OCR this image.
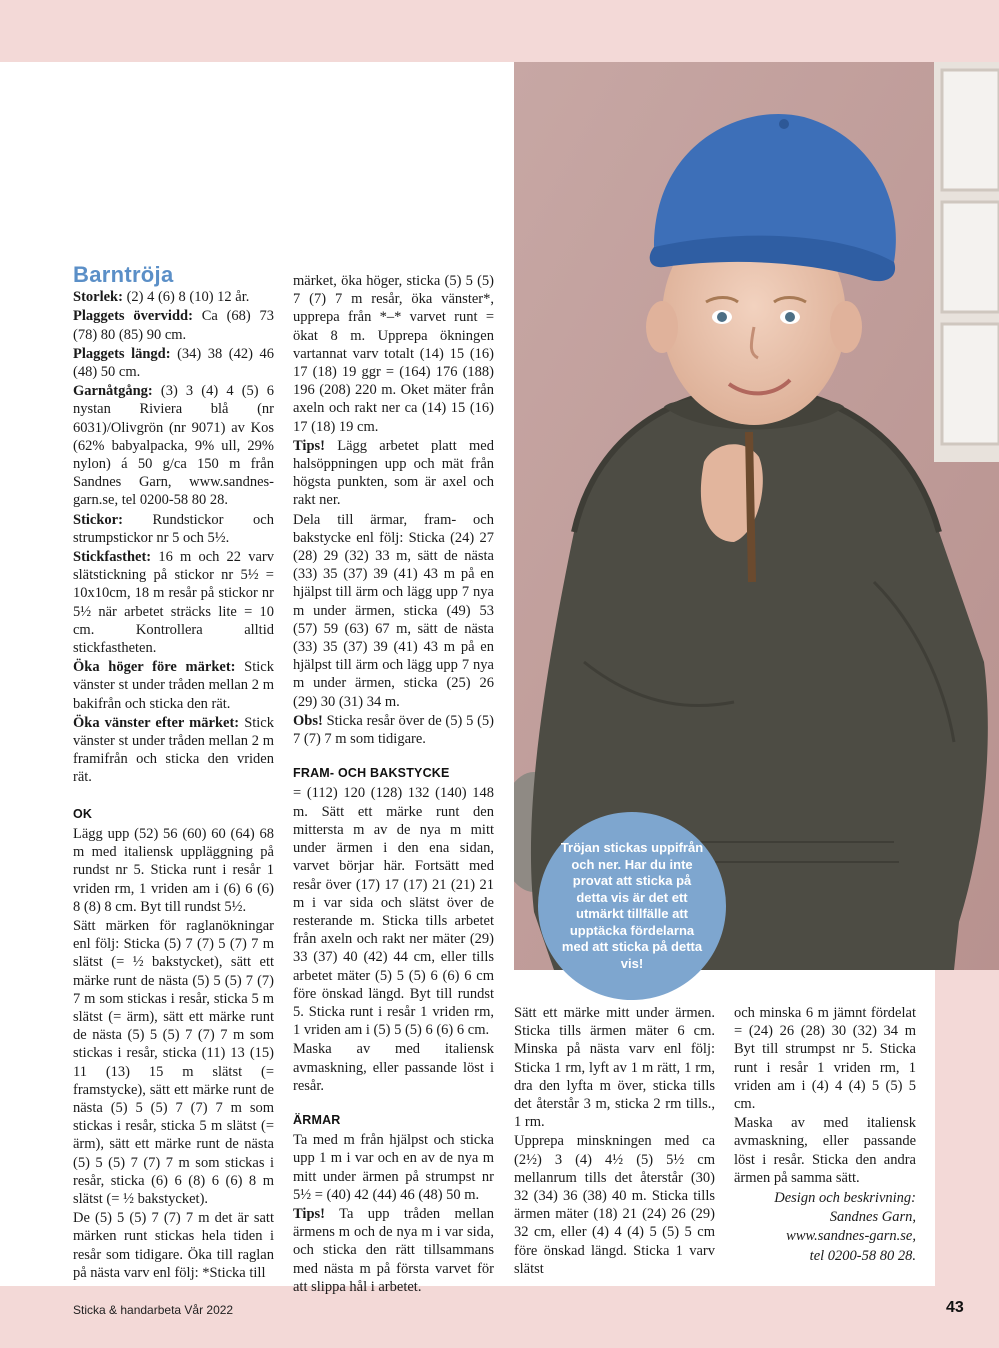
Barntröja

Storlek: (2) 4 (6) 8 (10) 12 år.

Plaggets övervidd: Ca (68) 73 (78) 80 (85) 90 cm.

Plaggets längd: (34) 38 (42) 46 (48) 50 cm.

Garnåtgång: (3) 3 (4) 4 (5) 6 nystan Riviera blå (nr 6031)/Olivgrön (nr 9071) av Kos (62% babyalpacka, 9% ull, 29% nylon) á 50 g/ca 150 m från Sandnes Garn, www.sandnes-garn.se, tel 0200-58 80 28.

Stickor: Rundstickor och strumpstickor nr 5 och 5½.

Stickfasthet: 16 m och 22 varv slätstickning på stickor nr 5½ = 10x10cm, 18 m resår på stickor nr 5½ när arbetet sträcks lite = 10 cm. Kontrollera alltid stickfastheten.

Öka höger före märket: Stick vänster st under tråden mellan 2 m bakifrån och sticka den rät.

Öka vänster efter märket: Stick vänster st under tråden mellan 2 m framifrån och sticka den vriden rät.

OK

Lägg upp (52) 56 (60) 60 (64) 68 m med italiensk uppläggning på rundst nr 5. Sticka runt i resår 1 vriden rm, 1 vriden am i (6) 6 (6) 8 (8) 8 cm. Byt till rundst 5½.

Sätt märken för raglanökningar enl följ: Sticka (5) 7 (7) 5 (7) 7 m slätst (= ½ bakstycket), sätt ett märke runt de nästa (5) 5 (5) 7 (7) 7 m som stickas i resår, sticka 5 m slätst (= ärm), sätt ett märke runt de nästa (5) 5 (5) 7 (7) 7 m som stickas i resår, sticka (11) 13 (15) 11 (13) 15 m slätst (= framstycke), sätt ett märke runt de nästa (5) 5 (5) 7 (7) 7 m som stickas i resår, sticka 5 m slätst (= ärm), sätt ett märke runt de nästa (5) 5 (5) 7 (7) 7 m som stickas i resår, sticka (6) 6 (8) 6 (6) 8 m slätst (= ½ bakstycket).

De (5) 5 (5) 7 (7) 7 m det är satt märken runt stickas hela tiden i resår som tidigare. Öka till raglan på nästa varv enl följ: *Sticka till

märket, öka höger, sticka (5) 5 (5) 7 (7) 7 m resår, öka vänster*, upprepa från *–* varvet runt = ökat 8 m. Upprepa ökningen vartannat varv totalt (14) 15 (16) 17 (18) 19 ggr = (164) 176 (188) 196 (208) 220 m. Oket mäter från axeln och rakt ner ca (14) 15 (16) 17 (18) 19 cm.

Tips! Lägg arbetet platt med halsöppningen upp och mät från högsta punkten, som är axel och rakt ner.

Dela till ärmar, fram- och bakstycke enl följ: Sticka (24) 27 (28) 29 (32) 33 m, sätt de nästa (33) 35 (37) 39 (41) 43 m på en hjälpst till ärm och lägg upp 7 nya m under ärmen, sticka (49) 53 (57) 59 (63) 67 m, sätt de nästa (33) 35 (37) 39 (41) 43 m på en hjälpst till ärm och lägg upp 7 nya m under ärmen, sticka (25) 26 (29) 30 (31) 34 m.

Obs! Sticka resår över de (5) 5 (5) 7 (7) 7 m som tidigare.

FRAM- OCH BAKSTYCKE

= (112) 120 (128) 132 (140) 148 m. Sätt ett märke runt den mittersta m av de nya m mitt under ärmen i den ena sidan, varvet börjar här. Fortsätt med resår över (17) 17 (17) 21 (21) 21 m i var sida och slätst över de resterande m. Sticka tills arbetet från axeln och rakt ner mäter (29) 33 (37) 40 (42) 44 cm, eller tills arbetet mäter (5) 5 (5) 6 (6) 6 cm före önskad längd. Byt till rundst 5. Sticka runt i resår 1 vriden rm, 1 vriden am i (5) 5 (5) 6 (6) 6 cm.

Maska av med italiensk avmaskning, eller passande löst i resår.

ÄRMAR

Ta med m från hjälpst och sticka upp 1 m i var och en av de nya m mitt under ärmen på strumpst nr 5½ = (40) 42 (44) 46 (48) 50 m.

Tips! Ta upp tråden mellan ärmens m och de nya m i var sida, och sticka den rätt tillsammans med nästa m på första varvet för att slippa hål i arbetet.

Sätt ett märke mitt under ärmen. Sticka tills ärmen mäter 6 cm. Minska på nästa varv enl följ: Sticka 1 rm, lyft av 1 m rätt, 1 rm, dra den lyfta m över, sticka tills det återstår 3 m, sticka 2 rm tills., 1 rm.

Upprepa minskningen med ca (2½) 3 (4) 4½ (5) 5½ cm mellanrum tills det återstår (30) 32 (34) 36 (38) 40 m. Sticka tills ärmen mäter (18) 21 (24) 26 (29) 32 cm, eller (4) 4 (4) 5 (5) 5 cm före önskad längd. Sticka 1 varv slätst

och minska 6 m jämnt fördelat = (24) 26 (28) 30 (32) 34 m Byt till strumpst nr 5. Sticka runt i resår 1 vriden rm, 1 vriden am i (4) 4 (4) 5 (5) 5 cm.

Maska av med italiensk avmaskning, eller passande löst i resår. Sticka den andra ärmen på samma sätt.

Design och beskrivning:

Sandnes Garn,

www.sandnes-garn.se,

tel 0200-58 80 28.

Tröjan stickas uppifrån och ner. Har du inte provat att sticka på detta vis är det ett utmärkt tillfälle att upptäcka fördelarna med att sticka på detta vis!
Sticka & handarbeta Vår 2022	43
